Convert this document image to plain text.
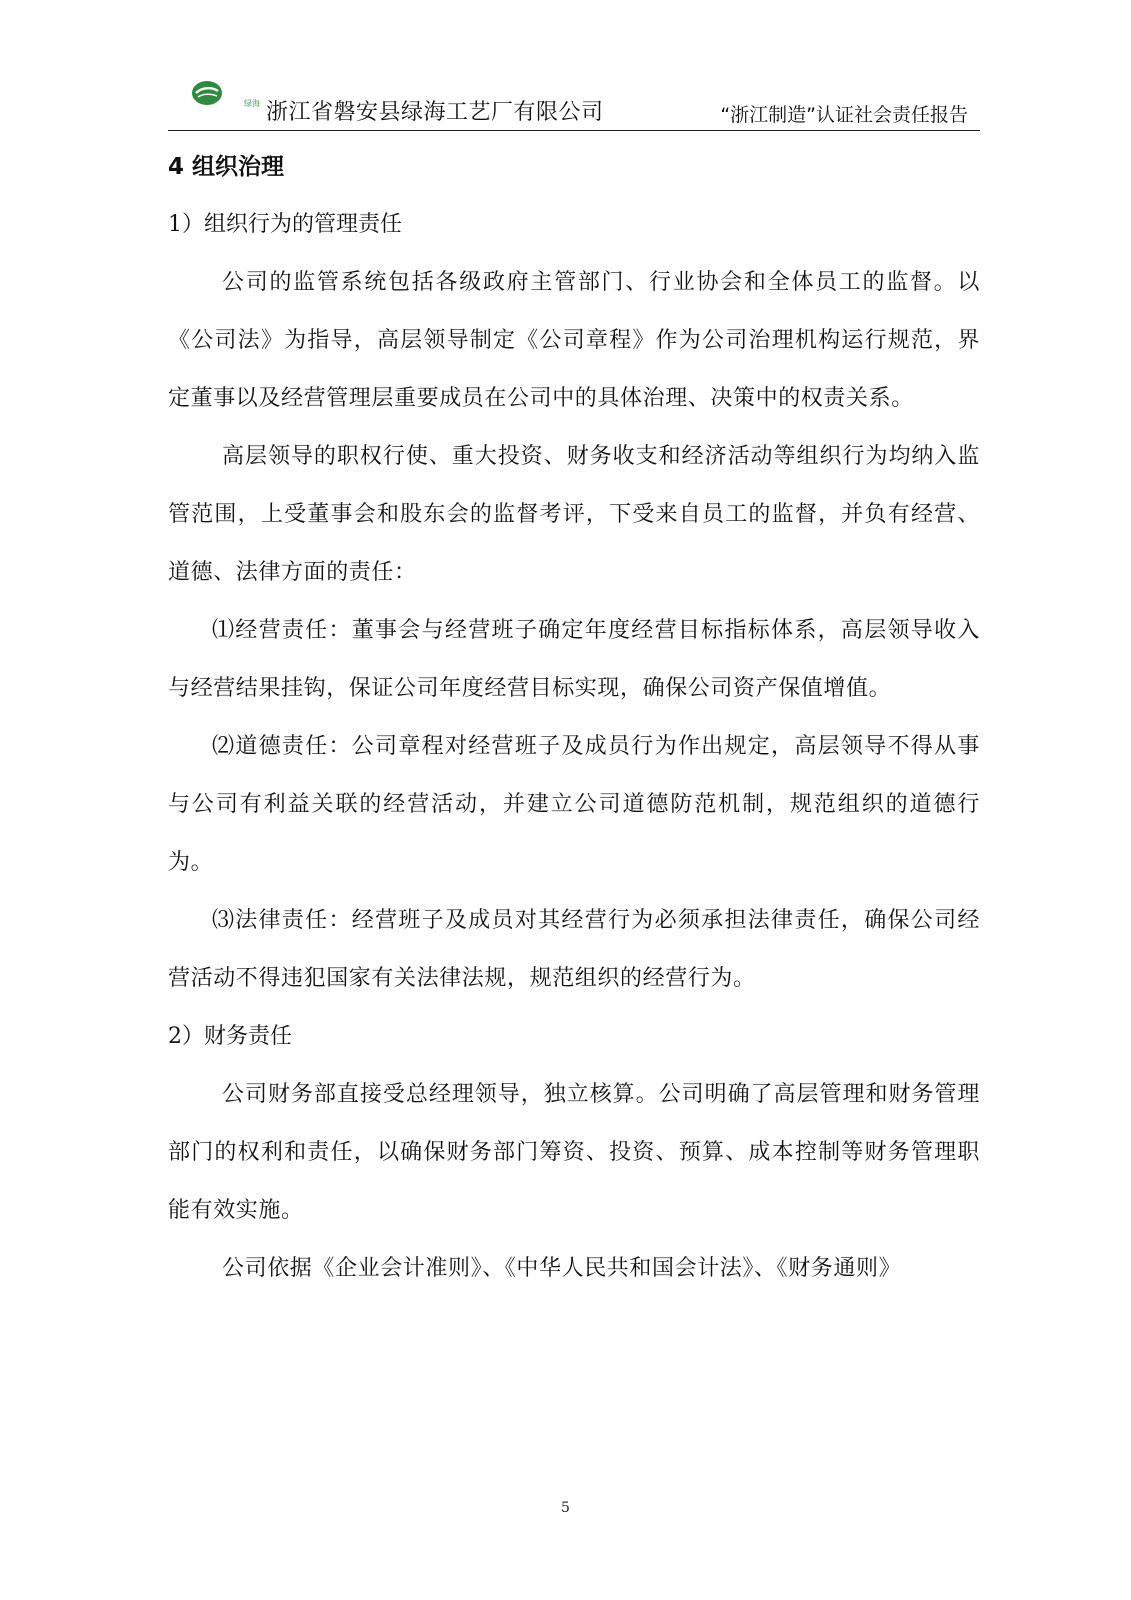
绿海 浙江省磐安县绿海工艺厂有限公司	“浙江制造”认证社会责任报告

4 组织治理

1）组织行为的管理责任

公司的监管系统包括各级政府主管部门、行业协会和全体员工的监督。以《公司法》为指导，高层领导制定《公司章程》作为公司治理机构运行规范，界定董事以及经营管理层重要成员在公司中的具体治理、决策中的权责关系。

高层领导的职权行使、重大投资、财务收支和经济活动等组织行为均纳入监管范围，上受董事会和股东会的监督考评，下受来自员工的监督，并负有经营、道德、法律方面的责任：

⑴经营责任：董事会与经营班子确定年度经营目标指标体系，高层领导收入与经营结果挂钩，保证公司年度经营目标实现，确保公司资产保值增值。

⑵道德责任：公司章程对经营班子及成员行为作出规定，高层领导不得从事与公司有利益关联的经营活动，并建立公司道德防范机制，规范组织的道德行为。

⑶法律责任：经营班子及成员对其经营行为必须承担法律责任，确保公司经营活动不得违犯国家有关法律法规，规范组织的经营行为。

2）财务责任

公司财务部直接受总经理领导，独立核算。公司明确了高层管理和财务管理部门的权利和责任，以确保财务部门筹资、投资、预算、成本控制等财务管理职能有效实施。

公司依据《企业会计准则》、《中华人民共和国会计法》、《财务通则》

5
